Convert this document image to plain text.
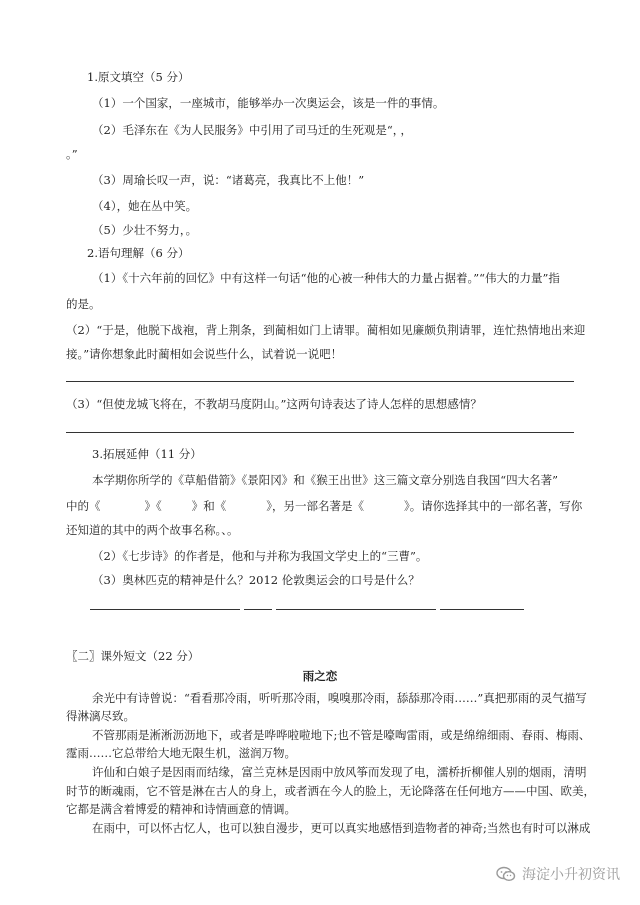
1.原文填空（5 分）
（1）一个国家，一座城市，能够举办一次奥运会，该是一件的事情。
（2）毛泽东在《为人民服务》中引用了司马迁的生死观是“， ，
。”
（3）周瑜长叹一声，说：“诸葛亮，我真比不上他！”
（4），她在丛中笑。
（5）少壮不努力，。
2.语句理解（6 分）
（1）《十六年前的回忆》中有这样一句话“他的心被一种伟大的力量占据着。”“伟大的力量”指
的是。
（2）“于是，他脱下战袍，背上荆条，到蔺相如门上请罪。蔺相如见廉颇负荆请罪，连忙热情地出来迎
接。”请你想象此时蔺相如会说些什么，试着说一说吧！
（3）“但使龙城飞将在，不教胡马度阴山。”这两句诗表达了诗人怎样的思想感情？
3.拓展延伸（11 分）
本学期你所学的《草船借箭》《景阳冈》和《猴王出世》这三篇文章分别选自我国“四大名著”
中的《	》《	》和《	》，另一部名著是《	》。请你选择其中的一部名著，写你
还知道的其中的两个故事名称。、。
（2）《七步诗》的作者是，他和与并称为我国文学史上的“三曹”。
（3）奥林匹克的精神是什么？2012 伦敦奥运会的口号是什么？
〖二〗课外短文（22 分）
雨之恋
余光中有诗曾说：“看看那冷雨，听听那冷雨，嗅嗅那冷雨，舔舔那冷雨……”真把那雨的灵气描写
得淋漓尽致。
不管那雨是淅淅沥沥地下，或者是哗哗啦啦地下;也不管是嚎啕雷雨，或是绵绵细雨、春雨、梅雨、
霪雨……它总带给大地无限生机，滋润万物。
许仙和白娘子是因雨而结缘，富兰克林是因雨中放风筝而发现了电，濡桥折柳催人别的烟雨，清明
时节的断魂雨，它不管是淋在古人的身上，或者洒在今人的脸上，无论降落在任何地方——中国、欧美，
它都是满含着博爱的精神和诗情画意的情调。
在雨中，可以怀古忆人，也可以独自漫步，更可以真实地感悟到造物者的神奇;当然也有时可以淋成
海淀小升初资讯
